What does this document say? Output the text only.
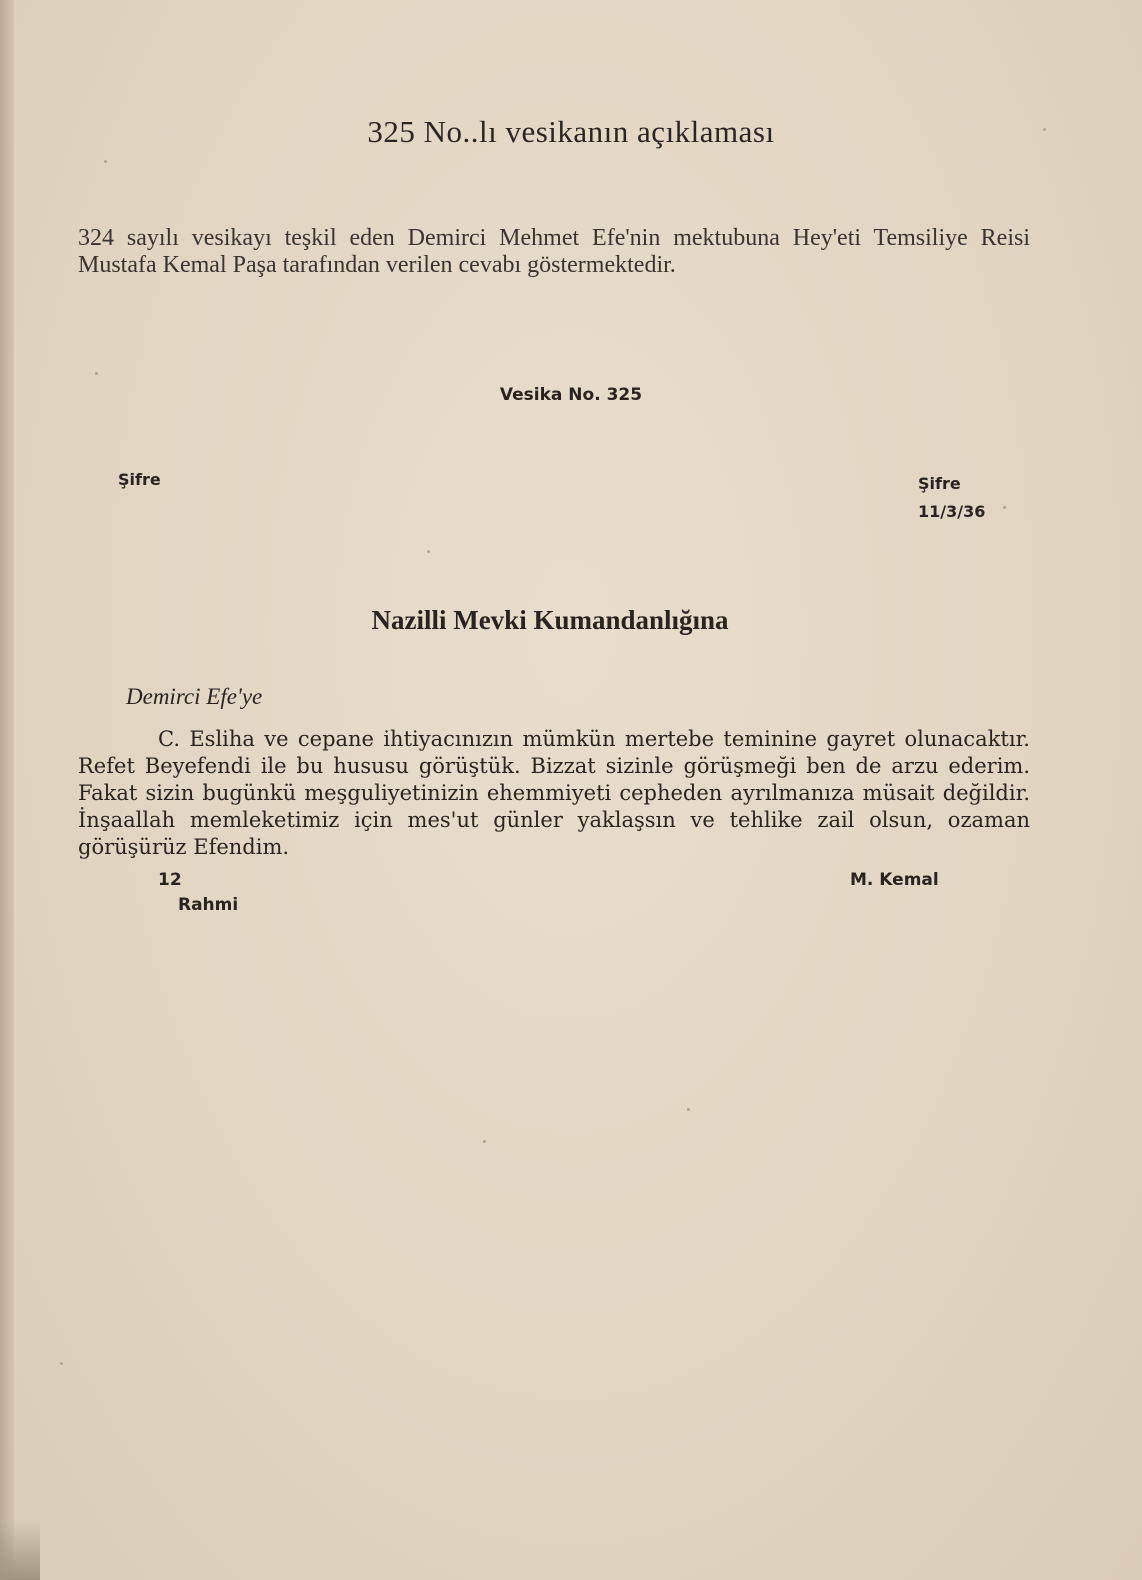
325 No..lı vesikanın açıklaması
324 sayılı vesikayı teşkil eden Demirci Mehmet Efe'nin mektubuna Hey'eti Temsiliye Reisi Mustafa Kemal Paşa tarafından verilen cevabı göstermektedir.
Vesika No. 325
Şifre	Şifre
11/3/36
Nazilli Mevki Kumandanlığına
Demirci Efe'ye
C. Esliha ve cepane ihtiyacınızın mümkün mertebe teminine gayret olunacaktır. Refet Beyefendi ile bu hususu görüştük. Bizzat sizinle görüşmeği ben de arzu ederim. Fakat sizin bugünkü meşguliyetinizin ehemmiyeti cepheden ayrılmanıza müsait değildir. İnşaallah memleketimiz için mes'ut günler yaklaşsın ve tehlike zail olsun, ozaman görüşürüz Efendim.
12
Rahmi
M. Kemal
